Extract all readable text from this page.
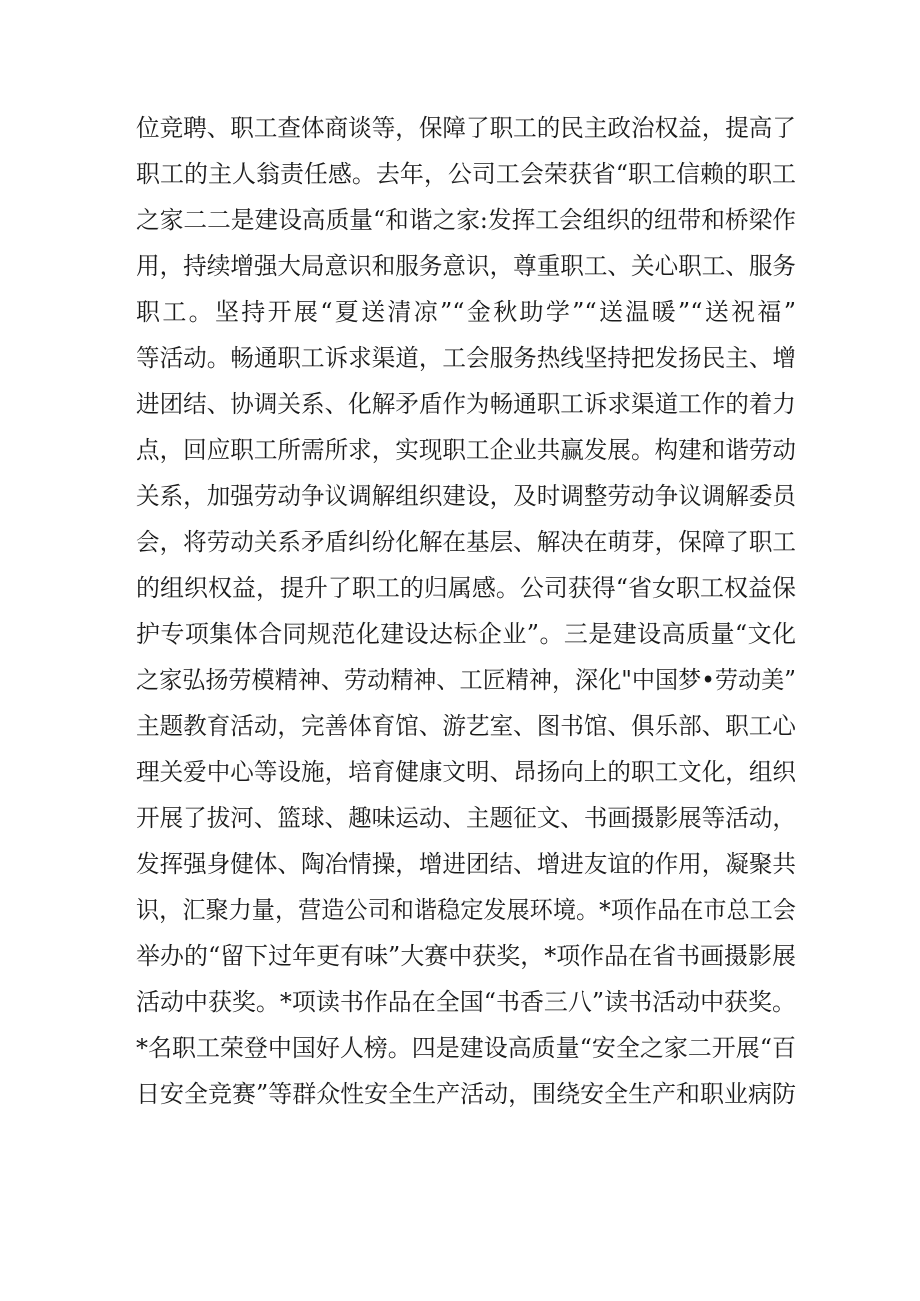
位竞聘、职工查体商谈等，保障了职工的民主政治权益，提高了
职工的主人翁责任感。去年，公司工会荣获省“职工信赖的职工
之家二二是建设高质量“和谐之家:发挥工会组织的纽带和桥梁作
用，持续增强大局意识和服务意识，尊重职工、关心职工、服务
职工。坚持开展“夏送清凉”“金秋助学”“送温暖”“送祝福”
等活动。畅通职工诉求渠道，工会服务热线坚持把发扬民主、增
进团结、协调关系、化解矛盾作为畅通职工诉求渠道工作的着力
点，回应职工所需所求，实现职工企业共赢发展。构建和谐劳动
关系，加强劳动争议调解组织建设，及时调整劳动争议调解委员
会，将劳动关系矛盾纠纷化解在基层、解决在萌芽，保障了职工
的组织权益，提升了职工的归属感。公司获得“省女职工权益保
护专项集体合同规范化建设达标企业”。三是建设高质量“文化
之家弘扬劳模精神、劳动精神、工匠精神，深化"中国梦•劳动美”
主题教育活动，完善体育馆、游艺室、图书馆、俱乐部、职工心
理关爱中心等设施，培育健康文明、昂扬向上的职工文化，组织
开展了拔河、篮球、趣味运动、主题征文、书画摄影展等活动，
发挥强身健体、陶冶情操，增进团结、增进友谊的作用，凝聚共
识，汇聚力量，营造公司和谐稳定发展环境。*项作品在市总工会
举办的“留下过年更有味”大赛中获奖，*项作品在省书画摄影展
活动中获奖。*项读书作品在全国“书香三八”读书活动中获奖。
*名职工荣登中国好人榜。四是建设高质量“安全之家二开展“百
日安全竞赛”等群众性安全生产活动，围绕安全生产和职业病防
